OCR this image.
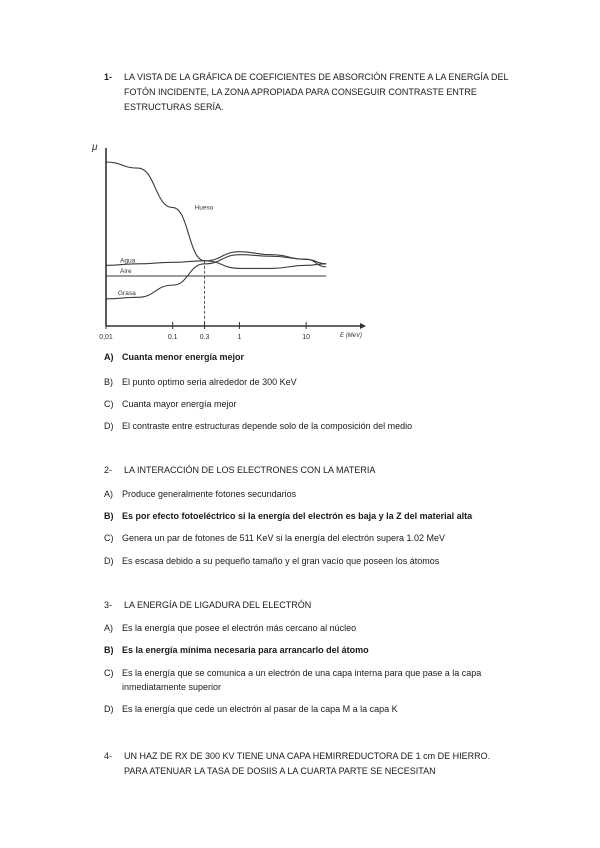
1-	LA VISTA DE LA GRÁFICA DE COEFICIENTES DE ABSORCIÓN FRENTE A LA ENERGÍA DEL FOTÓN INCIDENTE, LA ZONA APROPIADA PARA CONSEGUIR CONTRASTE ENTRE ESTRUCTURAS SERÍA.
μ
E (MeV)
0,01	0.1	0.3	1	10
Hueso
Agua
Aire
Grasa
A) Cuanta menor energía mejor
B)	El punto optimo seria alrededor de 300 KeV
C) Cuanta mayor energía mejor
D) El contraste entre estructuras depende solo de la composición del medio
2-	LA INTERACCIÓN DE LOS ELECTRONES CON LA MATERIA
A)	Produce generalmente fotones secundarios
B) Es por efecto fotoeléctrico si la energía del electrón es baja y la Z del material alta
C) Genera un par de fotones de 511 KeV si la energía del electrón supera 1.02 MeV
D) Es escasa debido a su pequeño tamaño y el gran vacío que poseen los átomos
3-	LA ENERGÍA DE LIGADURA DEL ELECTRÓN
A)	Es la energía que posee el electrón más cercano al núcleo
B) Es la energía mínima necesaria para arrancarlo del átomo
C) Es la energía que se comunica a un electrón de una capa interna para que pase a la capa inmediatamente superior
D) Es la energía que cede un electrón al pasar de la capa M a la capa K
4-	UN HAZ DE RX DE 300 KV TIENE UNA CAPA HEMIRREDUCTORA DE 1 cm DE HIERRO. PARA ATENUAR LA TASA DE DOSIIS A LA CUARTA PARTE SE NECESITAN
